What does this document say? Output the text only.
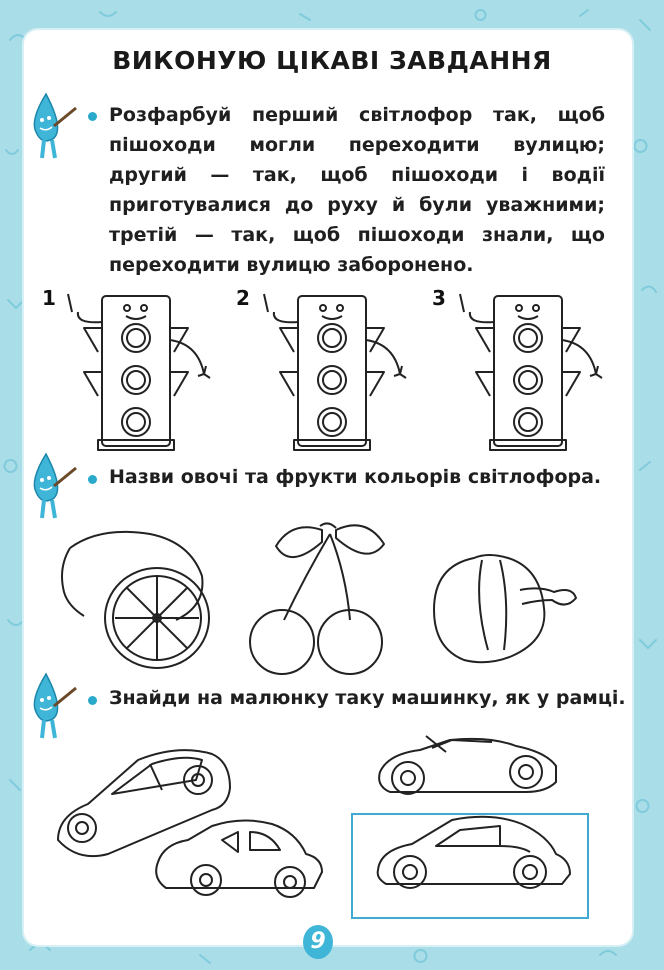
ВИКОНУЮ ЦІКАВІ ЗАВДАННЯ
Розфарбуй перший світлофор так, щоб пішоходи могли переходити вулицю; другий — так, щоб пішоходи і водії приготувалися до руху й були уважними; третій — так, щоб пішоходи знали, що переходити вулицю заборонено.
1	2	3
Назви овочі та фрукти кольорів світлофора.
Знайди на малюнку таку машинку, як у рамці.
9
